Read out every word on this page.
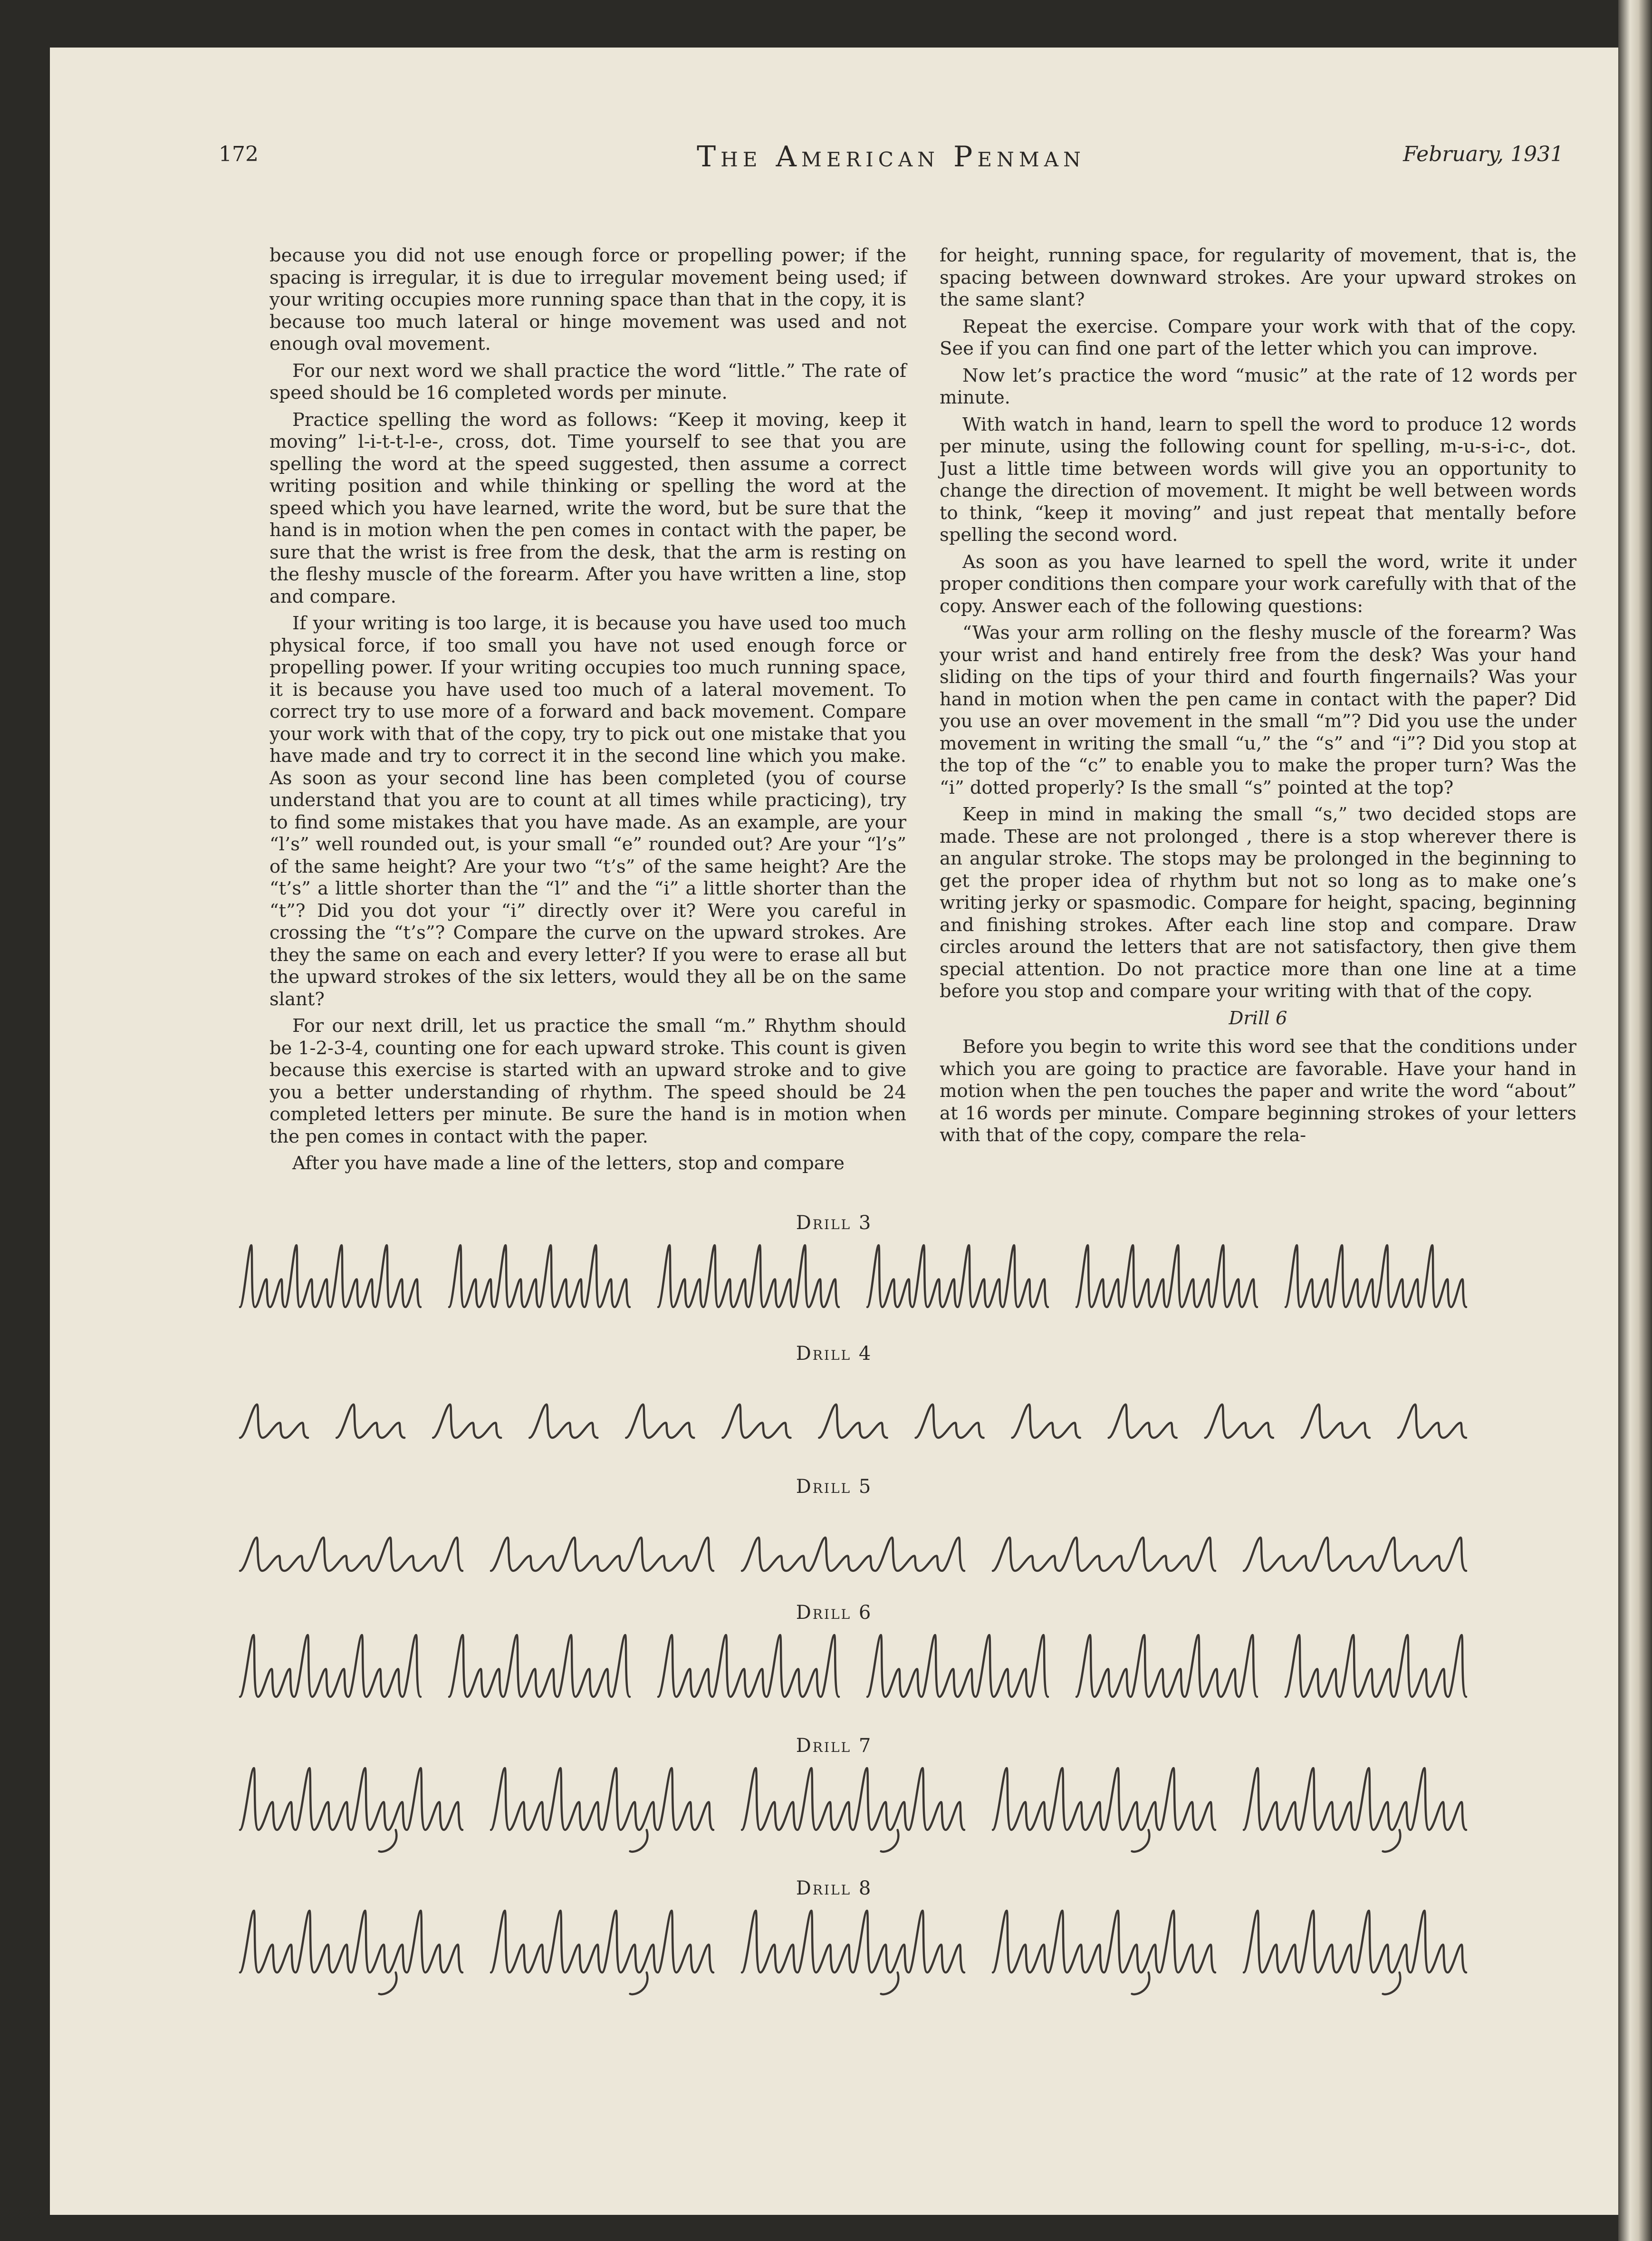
172	The American Penman	February, 1931

because you did not use enough force or propelling power; if the spacing is irregular, it is due to irregular movement being used; if your writing occupies more running space than that in the copy, it is because too much lateral or hinge movement was used and not enough oval movement.

For our next word we shall practice the word “little.” The rate of speed should be 16 completed words per minute.

Practice spelling the word as follows: “Keep it moving, keep it moving” l-i-t-t-l-e-, cross, dot. Time yourself to see that you are spelling the word at the speed suggested, then assume a correct writing position and while thinking or spelling the word at the speed which you have learned, write the word, but be sure that the hand is in motion when the pen comes in contact with the paper, be sure that the wrist is free from the desk, that the arm is resting on the fleshy muscle of the forearm. After you have written a line, stop and compare.

If your writing is too large, it is because you have used too much physical force, if too small you have not used enough force or propelling power. If your writing occupies too much running space, it is because you have used too much of a lateral movement. To correct try to use more of a forward and back movement. Compare your work with that of the copy, try to pick out one mistake that you have made and try to correct it in the second line which you make. As soon as your second line has been completed (you of course understand that you are to count at all times while practicing), try to find some mistakes that you have made. As an example, are your “l’s” well rounded out, is your small “e” rounded out? Are your “l’s” of the same height? Are your two “t’s” of the same height? Are the “t’s” a little shorter than the “l” and the “i” a little shorter than the “t”? Did you dot your “i” directly over it? Were you careful in crossing the “t’s”? Compare the curve on the upward strokes. Are they the same on each and every letter? If you were to erase all but the upward strokes of the six letters, would they all be on the same slant?

For our next drill, let us practice the small “m.” Rhythm should be 1-2-3-4, counting one for each upward stroke. This count is given because this exercise is started with an upward stroke and to give you a better understanding of rhythm. The speed should be 24 completed letters per minute. Be sure the hand is in motion when the pen comes in contact with the paper.

After you have made a line of the letters, stop and compare

for height, running space, for regularity of movement, that is, the spacing between downward strokes. Are your upward strokes on the same slant?

Repeat the exercise. Compare your work with that of the copy. See if you can find one part of the letter which you can improve.

Now let’s practice the word “music” at the rate of 12 words per minute.

With watch in hand, learn to spell the word to produce 12 words per minute, using the following count for spelling, m-u-s-i-c-, dot. Just a little time between words will give you an opportunity to change the direction of movement. It might be well between words to think, “keep it moving” and just repeat that mentally before spelling the second word.

As soon as you have learned to spell the word, write it under proper conditions then compare your work carefully with that of the copy. Answer each of the following questions:

“Was your arm rolling on the fleshy muscle of the forearm? Was your wrist and hand entirely free from the desk? Was your hand sliding on the tips of your third and fourth fingernails? Was your hand in motion when the pen came in contact with the paper? Did you use an over movement in the small “m”? Did you use the under movement in writing the small “u,” the “s” and “i”? Did you stop at the top of the “c” to enable you to make the proper turn? Was the “i” dotted properly? Is the small “s” pointed at the top?

Keep in mind in making the small “s,” two decided stops are made. These are not prolonged , there is a stop wherever there is an angular stroke. The stops may be prolonged in the beginning to get the proper idea of rhythm but not so long as to make one’s writing jerky or spasmodic. Compare for height, spacing, beginning and finishing strokes. After each line stop and compare. Draw circles around the letters that are not satisfactory, then give them special attention. Do not practice more than one line at a time before you stop and compare your writing with that of the copy.

Drill 6

Before you begin to write this word see that the conditions under which you are going to practice are favorable. Have your hand in motion when the pen touches the paper and write the word “about” at 16 words per minute. Compare beginning strokes of your letters with that of the copy, compare the rela-

Drill 3
Drill 4
Drill 5
Drill 6
Drill 7
Drill 8
